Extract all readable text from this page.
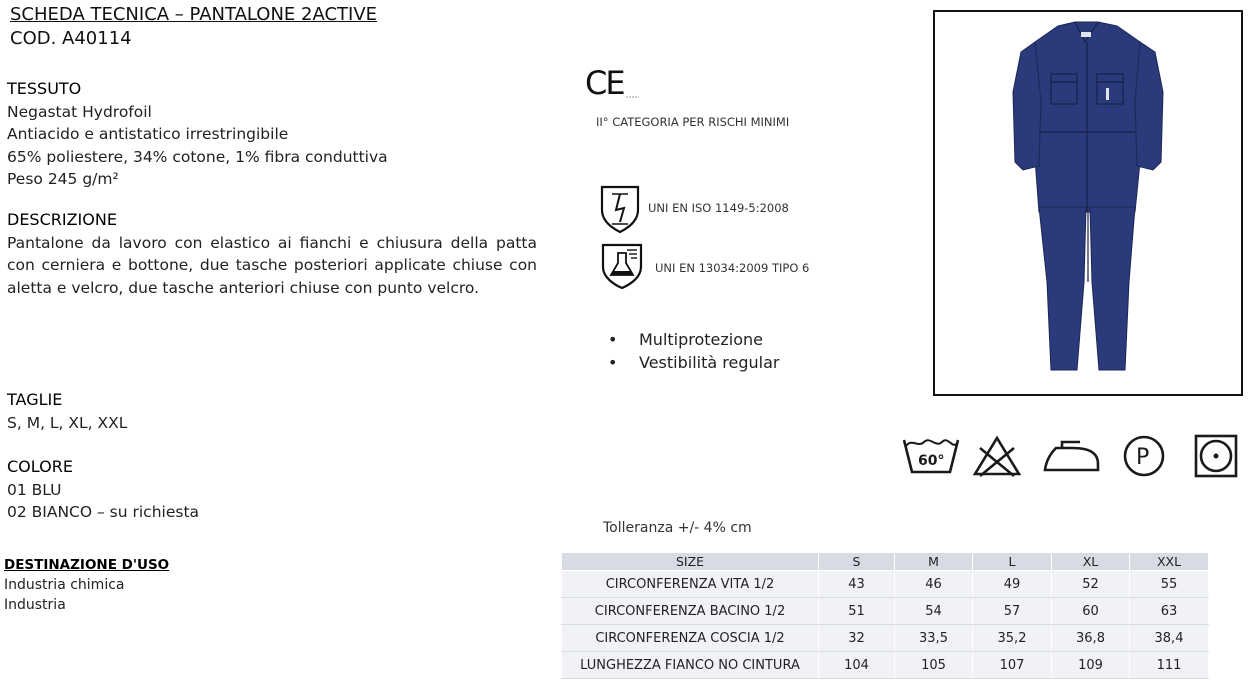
SCHEDA TECNICA – PANTALONE 2ACTIVE
COD. A40114
TESSUTO
Negastat Hydrofoil
Antiacido e antistatico irrestringibile
65% poliestere, 34% cotone, 1% fibra conduttiva
Peso 245 g/m²
DESCRIZIONE
Pantalone da lavoro con elastico ai fianchi e chiusura della patta con cerniera e bottone, due tasche posteriori applicate chiuse con aletta e velcro, due tasche anteriori chiuse con punto velcro.
TAGLIE
S, M, L, XL, XXL
COLORE
01 BLU
02 BIANCO – su richiesta
DESTINAZIONE D'USO
Industria chimica
Industria
CE
II° CATEGORIA PER RISCHI MINIMI
UNI EN ISO 1149-5:2008
UNI EN 13034:2009 TIPO 6
• Multiprotezione
• Vestibilità regular
60°	P
Tolleranza +/- 4% cm
SIZE	S	M	L	XL	XXL
CIRCONFERENZA VITA 1/2	43	46	49	52	55
CIRCONFERENZA BACINO 1/2	51	54	57	60	63
CIRCONFERENZA COSCIA 1/2	32	33,5	35,2	36,8	38,4
LUNGHEZZA FIANCO NO CINTURA	104	105	107	109	111
